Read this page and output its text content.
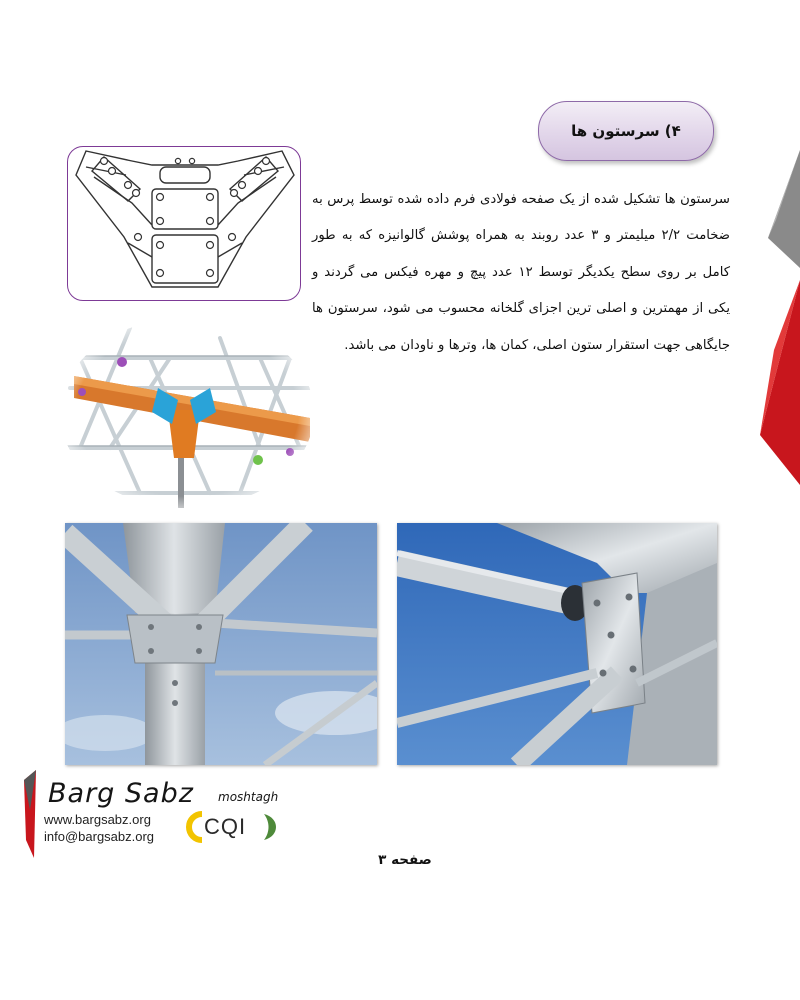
۴) سرستون ها
سرستون ها تشکیل شده از یک صفحه فولادی فرم داده شده توسط پرس به ضخامت ۲/۲ میلیمتر و ۳ عدد روبند به همراه پوشش گالوانیزه که به طور کامل بر روی سطح یکدیگر توسط ۱۲ عدد پیچ و مهره فیکس می گردند و یکی از مهمترین و اصلی ترین اجزای گلخانه محسوب می شود، سرستون ها جایگاهی جهت استقرار ستون اصلی، کمان ها، وترها و ناودان می باشد.
Barg Sabz moshtagh
www.bargsabz.org
info@bargsabz.org CQI
صفحه ۳
